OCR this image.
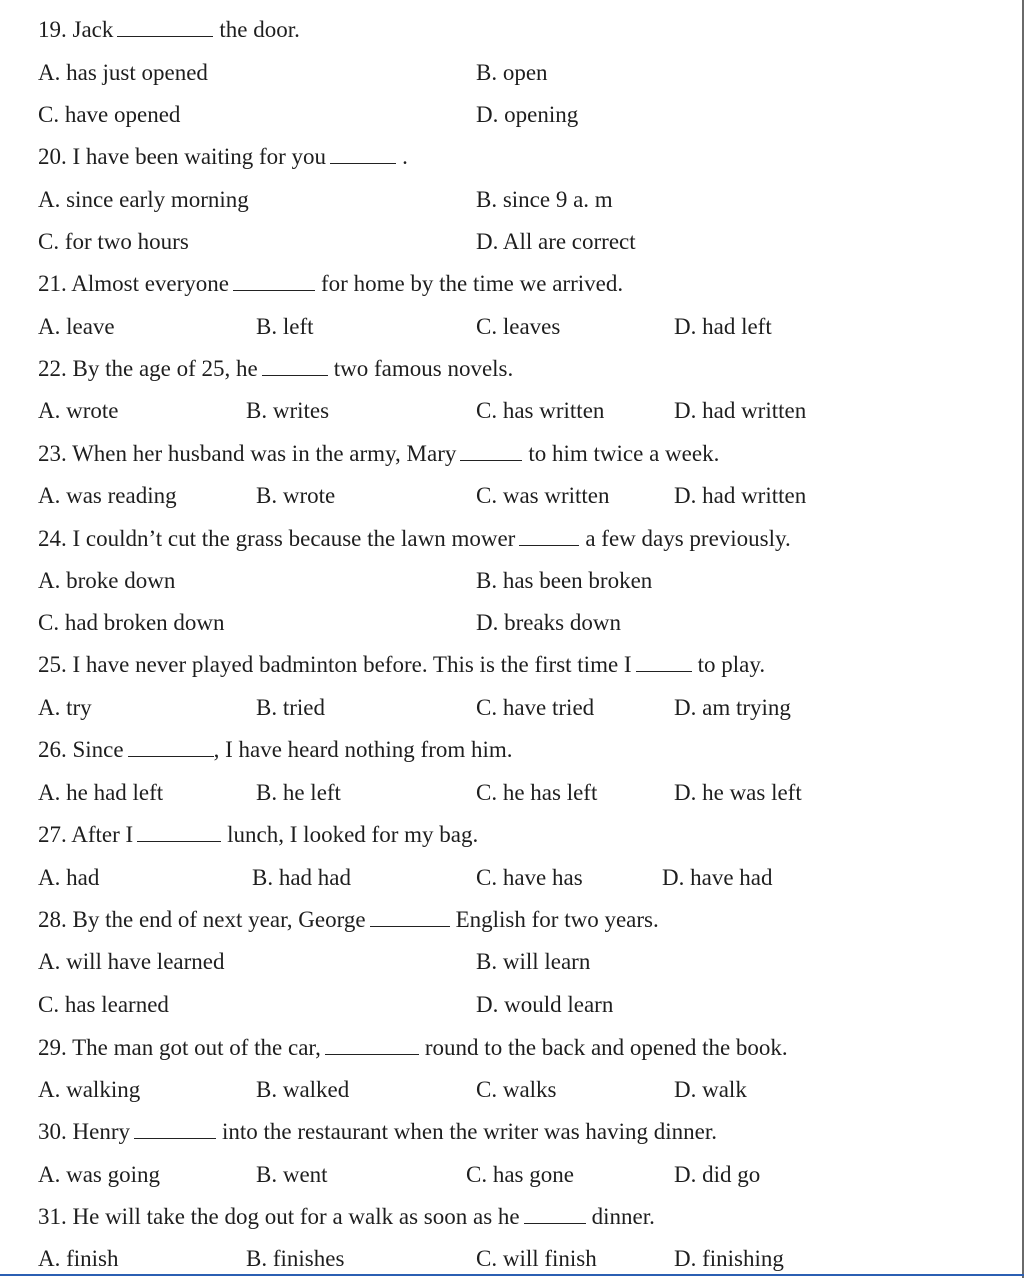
19. Jack	the door.
A. has just opened	B. open
C. have opened	D. opening
20. I have been waiting for you	.
A. since early morning	B. since 9 a. m
C. for two hours	D. All are correct
21. Almost everyone	for home by the time we arrived.
A. leave	B. left	C. leaves	D. had left
22. By the age of 25, he	two famous novels.
A. wrote	B. writes	C. has written	D. had written
23. When her husband was in the army, Mary	to him twice a week.
A. was reading	B. wrote	C. was written	D. had written
24. I couldn’t cut the grass because the lawn mower	a few days previously.
A. broke down	B. has been broken
C. had broken down	D. breaks down
25. I have never played badminton before. This is the first time I	to play.
A. try	B. tried	C. have tried	D. am trying
26. Since	, I have heard nothing from him.
A. he had left	B. he left	C. he has left	D. he was left
27. After I	lunch, I looked for my bag.
A. had	B. had had	C. have has	D. have had
28. By the end of next year, George	English for two years.
A. will have learned	B. will learn
C. has learned	D. would learn
29. The man got out of the car,	round to the back and opened the book.
A. walking	B. walked	C. walks	D. walk
30. Henry	into the restaurant when the writer was having dinner.
A. was going	B. went	C. has gone	D. did go
31. He will take the dog out for a walk as soon as he	dinner.
A. finish	B. finishes	C. will finish	D. finishing
